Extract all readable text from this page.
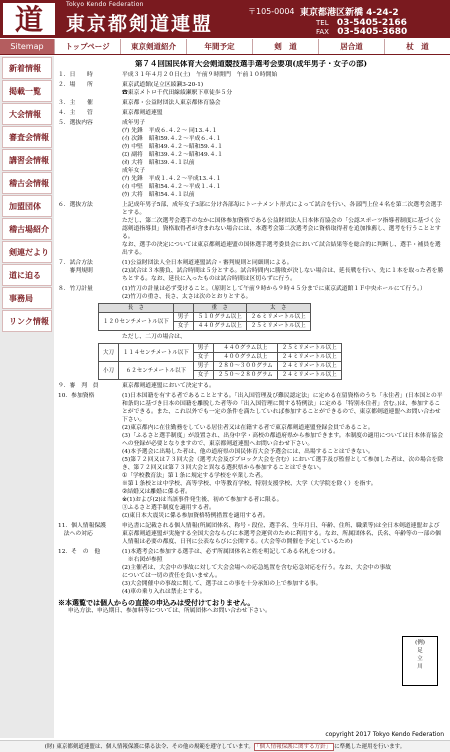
道	Tokyo Kendo Federation
東京都剣道連盟
〒105-0004 東京都港区新橋 4-24-2
TEL 03-5405-2166
FAX 03-5405-3680
Sitemap	トップページ	東京剣道紹介	年間予定	剣　道	居合道	杖　道
新着情報
掲載一覧
大会情報
審査会情報
講習会情報
稽古会情報
加盟団体
稽古場紹介
剣連だより
道に迫る
事務局
リンク情報
第７４回国民体育大会剣道競技選手選考会要項(成年男子・女子の部)
１．日　　時	平成３１年４月２０日(土)　午前９時開門　午前１０時開始
２．場　　所	東京武道館(足立区綾瀬3-20-1)
☎東京メトロ千代田線綾瀬駅下車徒歩５分
３．主　　催	東京都・公益財団法人東京都体育協会
４．主　　管	東京都剣道連盟
５．選抜内容	成年男子
(ｱ) 先鋒　平成６.４.２～ 同13.４.１
(ｲ) 次鋒　昭和59.４.２～平成６.４.１
(ｳ) 中堅　昭和49.４.２～昭和59.４.１
(ｴ) 副将　昭和39.４.２～昭和49.４.１
(ｵ) 大将　昭和39.４.１以前
成年女子
(ｱ) 先鋒　平成１.４.２～平成13.４.１
(ｲ) 中堅　昭和54.４.２～平成１.４.１
(ｳ) 大将　昭和54.４.１以前
６．選抜方法	上記成年男子5部、成年女子3部に分け各部毎にトーナメント形式によって試合を行い、各部門上位４名を第二次選考会選手とする。
ただし、第二次選考会選手のなかに国体参加資格である公益財団法人日本体育協会の「公認スポーツ指導者制度に基づく公認剣道指導員」資格取得者が含まれない場合には、本選考会第二次選考会に資格取得者を追加推薦し、選考を行うこととする。
なお、選手の決定については東京都剣道連盟の国体選手選考委員会において試合結果等を総合的に判断し、選手・補員を選出する。
７．試合方法
　　審判規則
(1)公益財団法人全日本剣道連盟試合・審判規則と同細則による。
(2)試合は３本勝負、試合時間は５分とする。試合時間内に勝敗が決しない場合は、延長戦を行い、先に１本を取った者を勝ちとする。なお、延長に入ったものは試合時間は区切らずに行う。
８．竹刀計量	(1)竹刀の計量は必ず受けること。（原則として午前９時から９時４５分までに東京武道館１Ｆ中央ホールにて行う。）
(2)竹刀の重さ、長さ、太さは次のとおりとする。
長　さ		重　さ	太　さ
１２０センチメートル以下	男子	５１０グラム以上	２６ミリメートル以上
	女子	４４０グラム以上	２５ミリメートル以上
ただし、二刀の場合は、
大刀	１１４センチメートル以下	男子	４４０グラム以上	２５ミリメートル以上
		女子	４００グラム以上	２４ミリメートル以上
小刀	６２センチメートル以下	男子	２８０～３００グラム	２４ミリメートル以上
		女子	２５０～２８０グラム	２４ミリメートル以上
９．審　判　員	東京都剣道連盟において決定する。
10．参加資格	(1)日本国籍を有する者であることとする。「出入国管理及び難民認定法」に定める在留資格のうち「永住者」(日本国との平和条約に基づき日本の国籍を離脱した者等の「出入国管理に関する特例法」に定める「特別永住者」含む。)は、参加することができる。また、これ以外でも一定の条件を満たしていれば参加することができるので、東京都剣道連盟へお問い合わせ下さい。
(2)東京都内に在住勤務をしている居住者又は在籍する者で東京都剣道連盟登録会員であること。
(3)「ふるさと選手制度」が設置され、出身中学・高校の都道府県から参加できます。本制度の適用については日本体育協会への登録が必要となりますので、東京都剣道連盟へお問い合わせ下さい。
(4)本予選会に出場した者は、他の道府県の国民体育大会予選会には、出場することはできない。
(5)第７２回又は７３回大会（選考大会及びブロック大会を含む）において選手及び監督として参加した者は、次の場合を除き、第７２回又は第７３回大会と異なる選択県から参加することはできない。
①「学校教育法」第１条に規定する学校を卒業した者。
※第１条校とは中学校、高等学校、中等教育学校、特別支援学校、大学（大学院を除く）を指す。
②結婚又は離婚に係る者。
※(1)および(2)は当該事件発生後、初めて参加する者に限る。
③ふるさと選手制度を適用する者。
(ｴ)東日本大震災に係る参加資格特例措置を適用する者。
11．個人情報保護
　法への対応
申込書に記載される個人情報(所属団体名、称号・段位、選手名、生年月日、年齢、住所、職業等)は全日本剣道連盟および東京都剣道連盟が実施する全国大会ならびに本選考会運営のために利用する。なお、所属団体名、氏名、年齢等の一部の個人情報は必要の都度、日刊に公表ならびに公開する。(大会等の開催を予定しているため)
12．そ　の　他	(1)本選考会に参加する選手は、必ず所属団体名と姓を明記してある名札をつける。
　※右図が参照
(2)主催者は、大会中の事故に対して大会会場への応急処置を含む応急対応を行う。なお、大会中の事故については一切の責任を負いません。
(3)大会開催中の事故に関して、選手はこの事を十分承知の上で参加する事。
(4)車の乗り入れは禁止とする。
※本選覧では個人からの直接の申込みは受付けておりません。
申込方法、申込期日、参加料等については、所属団体へお問い合わせ下さい。
(例)
足
立
川
copyright 2017 Tokyo Kendo Federation
(財) 東京都剣道連盟は、個人情報保護に係る法令、その他の規範を遵守しています。 「個人情報保護に関する方針」 に準拠した運用を行います。
